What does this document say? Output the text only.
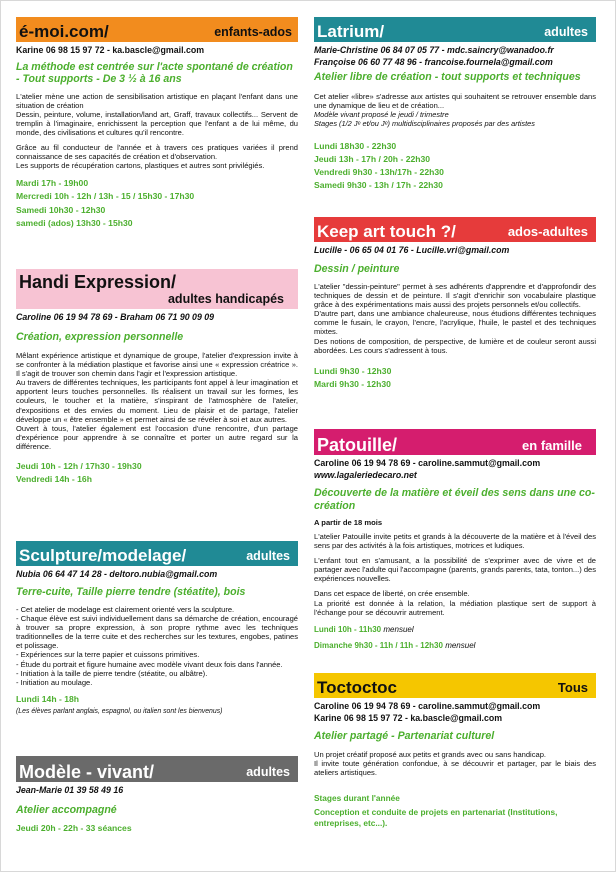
é-moi.com/	enfants-ados
Karine 06 98 15 97 72 - ka.bascle@gmail.com
La méthode est centrée sur l'acte spontané de création - Tout supports - De 3 ½ à 16 ans

L'atelier mène une action de sensibilisation artistique en plaçant l'enfant dans une situation de création

Dessin, peinture, volume, installation/land art, Graff, travaux collectifs... Servent de tremplin à l'imaginaire, enrichissent la perception que l'enfant a de lui même, du monde, des civilisations et cultures qu'il rencontre.

Grâce au fil conducteur de l'année et à travers ces pratiques variées il prend connaissance de ses capacités de création et d'observation.

Les supports de récupération cartons, plastiques et autres sont privilégiés.

Mardi 17h - 19h00
Mercredi 10h - 12h / 13h - 15 / 15h30 - 17h30
Samedi 10h30 - 12h30
samedi (ados) 13h30 - 15h30
Handi Expression/
adultes handicapés
Caroline 06 19 94 78 69 - Braham 06 71 90 09 09
Création, expression personnelle

Mêlant expérience artistique et dynamique de groupe, l'atelier d'expression invite à se confronter à la médiation plastique et favorise ainsi une « expression créatrice ». Il s'agit de trouver son chemin dans l'agir et l'expression artistique.

Au travers de différentes techniques, les participants font appel à leur imagination et apportent leurs touches personnelles. Ils réalisent un travail sur les formes, les couleurs, le toucher et la matière, s'inspirant de l'atmosphère de l'atelier, d'expositions et des envies du moment. Lieu de plaisir et de partage, l'atelier développe un « être ensemble » et permet ainsi de se révéler à soi et aux autres.

Ouvert à tous, l'atelier également est l'occasion d'une rencontre, d'un partage d'expérience pour apprendre à se connaître et porter un autre regard sur la différence.

Jeudi 10h - 12h / 17h30 - 19h30
Vendredi 14h - 16h
Sculpture/modelage/	adultes
Nubia 06 64 47 14 28 - deltoro.nubia@gmail.com
Terre-cuite, Taille pierre tendre (stéatite), bois

- Cet atelier de modelage est clairement orienté vers la sculpture.

- Chaque élève est suivi individuellement dans sa démarche de création, encouragé à trouver sa propre expression, à son propre rythme avec les techniques traditionnelles de la terre cuite et des recherches sur les textures, engobes, patines et polissage.

- Expériences sur la terre papier et cuissons primitives.

- Étude du portrait et figure humaine avec modèle vivant deux fois dans l'année.

- Initiation à la taille de pierre tendre (stéatite, ou albâtre).

- Initiation au moulage.

Lundi 14h - 18h
(Les élèves parlant anglais, espagnol, ou italien sont les bienvenus)
Modèle - vivant/	adultes
Jean-Marie 01 39 58 49 16
Atelier accompagné
Jeudi 20h - 22h - 33 séances
Latrium/	adultes
Marie-Christine 06 84 07 05 77 - mdc.saincry@wanadoo.fr
Françoise 06 60 77 48 96 - francoise.fournela@gmail.com
Atelier libre de création - tout supports et techniques

Cet atelier «libre» s'adresse aux artistes qui souhaitent se retrouver ensemble dans une dynamique de lieu et de création...

Modèle vivant proposé le jeudi / trimestre

Stages (1/2 Jᵉ et/ou Jᵉ) multidisciplinaires proposés par des artistes

Lundi 18h30 - 22h30
Jeudi 13h - 17h / 20h - 22h30
Vendredi 9h30 - 13h/17h - 22h30
Samedi 9h30 - 13h / 17h - 22h30
Keep art touch ?/	ados-adultes
Lucille - 06 65 04 01 76 - Lucille.vri@gmail.com
Dessin / peinture

L'atelier "dessin-peinture" permet à ses adhérents d'apprendre et d'approfondir des techniques de dessin et de peinture. Il s'agit d'enrichir son vocabulaire plastique grâce à des expérimentations mais aussi des projets personnels et/ou collectifs.

D'autre part, dans une ambiance chaleureuse, nous étudions différentes techniques comme le fusain, le crayon, l'encre, l'acrylique, l'huile, le pastel et des techniques mixtes.

Des notions de composition, de perspective, de lumière et de couleur seront aussi abordées. Les cours s'adressent à tous.

Lundi 9h30 - 12h30
Mardi 9h30 - 12h30
Patouille/	en famille
Caroline 06 19 94 78 69 - caroline.sammut@gmail.com
www.lagaleriedecaro.net
Découverte de la matière et éveil des sens dans une co-création
A partir de 18 mois

L'atelier Patouille invite petits et grands à la découverte de la matière et à l'éveil des sens par des activités à la fois artistiques, motrices et ludiques.

L'enfant tout en s'amusant, a la possibilité de s'exprimer avec de vivre et de partager avec l'adulte qui l'accompagne (parents, grands parents, tata, tonton...) des expériences nouvelles.

Dans cet espace de liberté, on crée ensemble.

La priorité est donnée à la relation, la médiation plastique sert de support à l'échange pour se découvrir autrement.

Lundi 10h - 11h30 mensuel
Dimanche 9h30 - 11h / 11h - 12h30 mensuel
Toctoctoc	Tous
Caroline 06 19 94 78 69 - caroline.sammut@gmail.com
Karine 06 98 15 97 72 - ka.bascle@gmail.com
Atelier partagé - Partenariat culturel

Un projet créatif proposé aux petits et grands avec ou sans handicap.

Il invite toute génération confondue, à se découvrir et partager, par le biais des ateliers artistiques.

Stages durant l'année
Conception et conduite de projets en partenariat (Institutions, entreprises, etc...).
